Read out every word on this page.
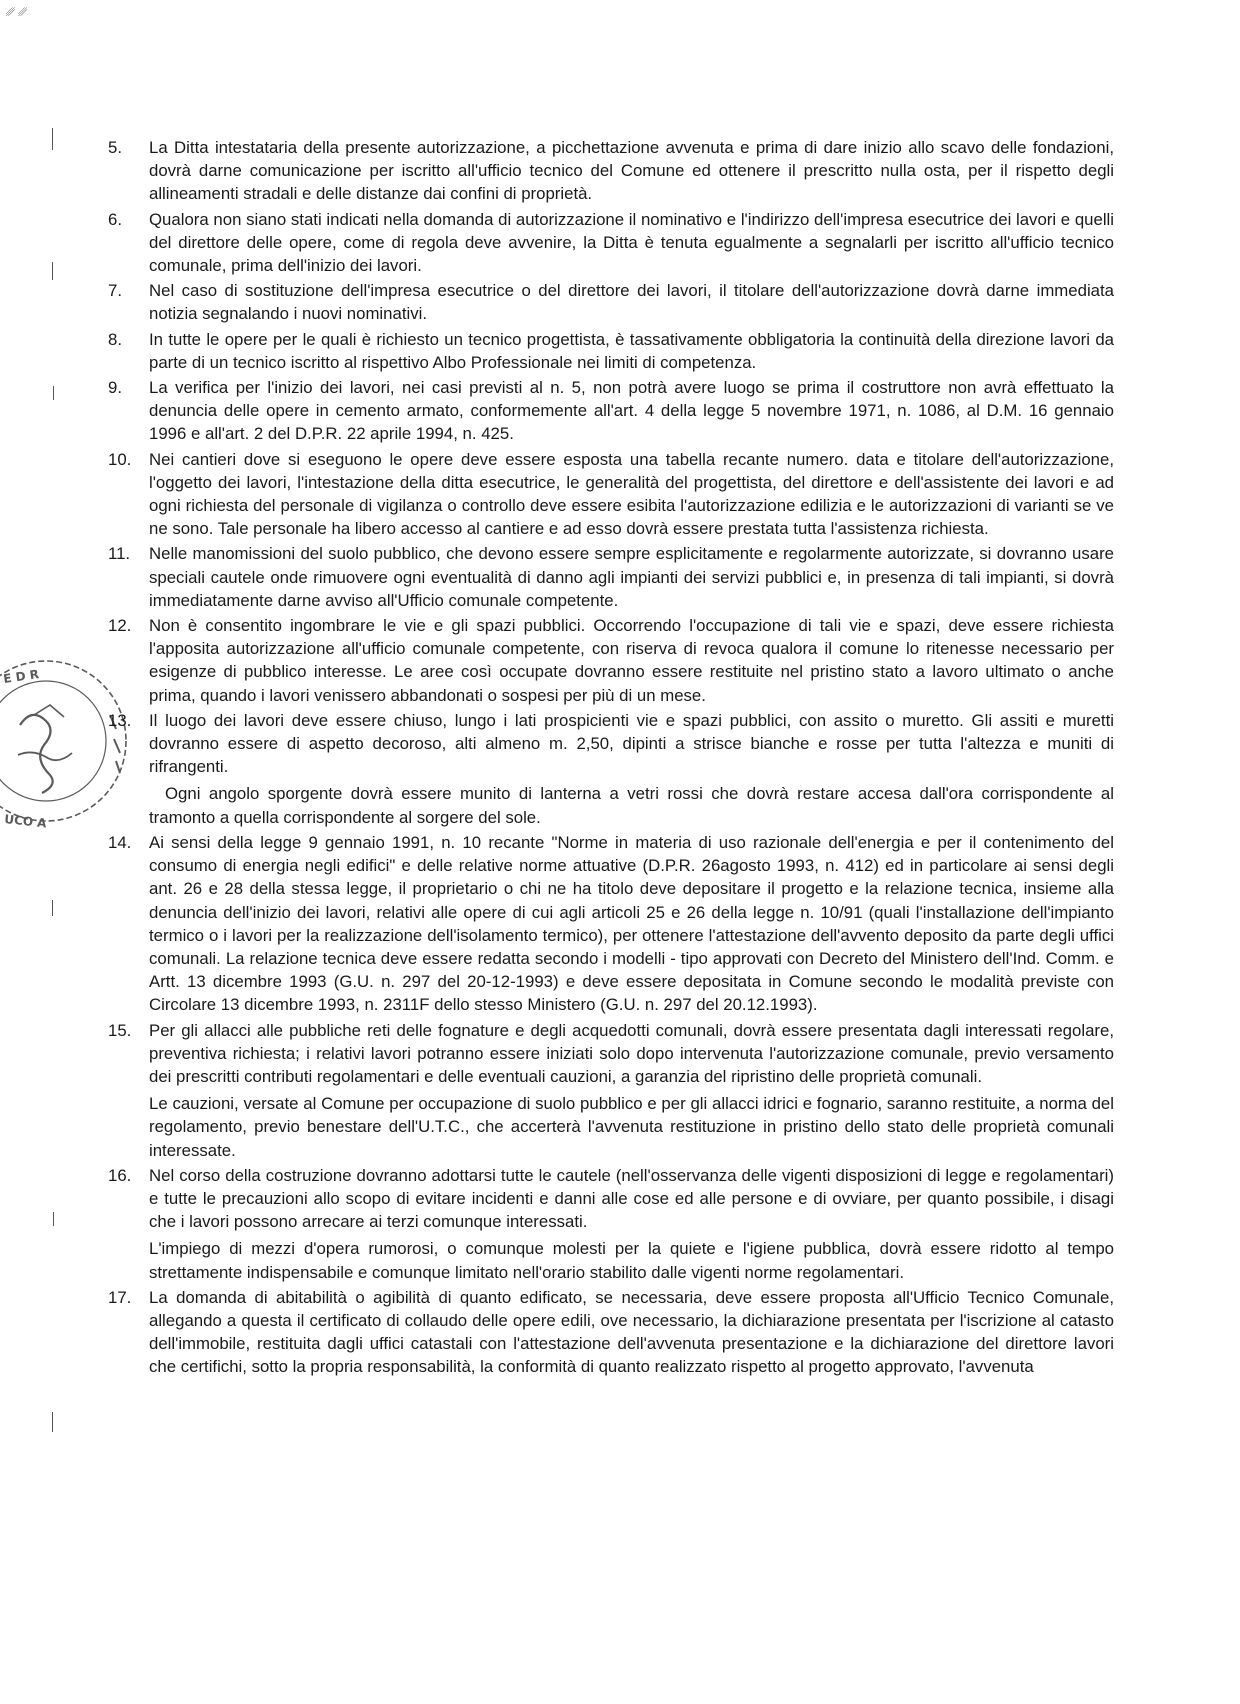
␥ ␥
E D R
UCO A
5. La Ditta intestataria della presente autorizzazione, a picchettazione avvenuta e prima di dare inizio allo scavo delle fondazioni, dovrà darne comunicazione per iscritto all'ufficio tecnico del Comune ed ottenere il prescritto nulla osta, per il rispetto degli allineamenti stradali e delle distanze dai confini di proprietà.

6. Qualora non siano stati indicati nella domanda di autorizzazione il nominativo e l'indirizzo dell'impresa esecutrice dei lavori e quelli del direttore delle opere, come di regola deve avvenire, la Ditta è tenuta egualmente a segnalarli per iscritto all'ufficio tecnico comunale, prima dell'inizio dei lavori.

7. Nel caso di sostituzione dell'impresa esecutrice o del direttore dei lavori, il titolare dell'autorizzazione dovrà darne immediata notizia segnalando i nuovi nominativi.

8. In tutte le opere per le quali è richiesto un tecnico progettista, è tassativamente obbligatoria la continuità della direzione lavori da parte di un tecnico iscritto al rispettivo Albo Professionale nei limiti di competenza.

9. La verifica per l'inizio dei lavori, nei casi previsti al n. 5, non potrà avere luogo se prima il costruttore non avrà effettuato la denuncia delle opere in cemento armato, conformemente all'art. 4 della legge 5 novembre 1971, n. 1086, al D.M. 16 gennaio 1996 e all'art. 2 del D.P.R. 22 aprile 1994, n. 425.

10. Nei cantieri dove si eseguono le opere deve essere esposta una tabella recante numero. data e titolare dell'autorizzazione, l'oggetto dei lavori, l'intestazione della ditta esecutrice, le generalità del progettista, del direttore e dell'assistente dei lavori e ad ogni richiesta del personale di vigilanza o controllo deve essere esibita l'autorizzazione edilizia e le autorizzazioni di varianti se ve ne sono. Tale personale ha libero accesso al cantiere e ad esso dovrà essere prestata tutta l'assistenza richiesta.

11. Nelle manomissioni del suolo pubblico, che devono essere sempre esplicitamente e regolarmente autorizzate, si dovranno usare speciali cautele onde rimuovere ogni eventualità di danno agli impianti dei servizi pubblici e, in presenza di tali impianti, si dovrà immediatamente darne avviso all'Ufficio comunale competente.

12. Non è consentito ingombrare le vie e gli spazi pubblici. Occorrendo l'occupazione di tali vie e spazi, deve essere richiesta l'apposita autorizzazione all'ufficio comunale competente, con riserva di revoca qualora il comune lo ritenesse necessario per esigenze di pubblico interesse. Le aree così occupate dovranno essere restituite nel pristino stato a lavoro ultimato o anche prima, quando i lavori venissero abbandonati o sospesi per più di un mese.

13. Il luogo dei lavori deve essere chiuso, lungo i lati prospicienti vie e spazi pubblici, con assito o muretto. Gli assiti e muretti dovranno essere di aspetto decoroso, alti almeno m. 2,50, dipinti a strisce bianche e rosse per tutta l'altezza e muniti di rifrangenti.

Ogni angolo sporgente dovrà essere munito di lanterna a vetri rossi che dovrà restare accesa dall'ora corrispondente al tramonto a quella corrispondente al sorgere del sole.

14. Ai sensi della legge 9 gennaio 1991, n. 10 recante "Norme in materia di uso razionale dell'energia e per il contenimento del consumo di energia negli edifici" e delle relative norme attuative (D.P.R. 26agosto 1993, n. 412) ed in particolare ai sensi degli ant. 26 e 28 della stessa legge, il proprietario o chi ne ha titolo deve depositare il progetto e la relazione tecnica, insieme alla denuncia dell'inizio dei lavori, relativi alle opere di cui agli articoli 25 e 26 della legge n. 10/91 (quali l'installazione dell'impianto termico o i lavori per la realizzazione dell'isolamento termico), per ottenere l'attestazione dell'avvento deposito da parte degli uffici comunali. La relazione tecnica deve essere redatta secondo i modelli - tipo approvati con Decreto del Ministero dell'Ind. Comm. e Artt. 13 dicembre 1993 (G.U. n. 297 del 20-12-1993) e deve essere depositata in Comune secondo le modalità previste con Circolare 13 dicembre 1993, n. 2311F dello stesso Ministero (G.U. n. 297 del 20.12.1993).

15. Per gli allacci alle pubbliche reti delle fognature e degli acquedotti comunali, dovrà essere presentata dagli interessati regolare, preventiva richiesta; i relativi lavori potranno essere iniziati solo dopo intervenuta l'autorizzazione comunale, previo versamento dei prescritti contributi regolamentari e delle eventuali cauzioni, a garanzia del ripristino delle proprietà comunali.

Le cauzioni, versate al Comune per occupazione di suolo pubblico e per gli allacci idrici e fognario, saranno restituite, a norma del regolamento, previo benestare dell'U.T.C., che accerterà l'avvenuta restituzione in pristino dello stato delle proprietà comunali interessate.

16. Nel corso della costruzione dovranno adottarsi tutte le cautele (nell'osservanza delle vigenti disposizioni di legge e regolamentari) e tutte le precauzioni allo scopo di evitare incidenti e danni alle cose ed alle persone e di ovviare, per quanto possibile, i disagi che i lavori possono arrecare ai terzi comunque interessati.

L'impiego di mezzi d'opera rumorosi, o comunque molesti per la quiete e l'igiene pubblica, dovrà essere ridotto al tempo strettamente indispensabile e comunque limitato nell'orario stabilito dalle vigenti norme regolamentari.

17. La domanda di abitabilità o agibilità di quanto edificato, se necessaria, deve essere proposta all'Ufficio Tecnico Comunale, allegando a questa il certificato di collaudo delle opere edili, ove necessario, la dichiarazione presentata per l'iscrizione al catasto dell'immobile, restituita dagli uffici catastali con l'attestazione dell'avvenuta presentazione e la dichiarazione del direttore lavori che certifichi, sotto la propria responsabilità, la conformità di quanto realizzato rispetto al progetto approvato, l'avvenuta
